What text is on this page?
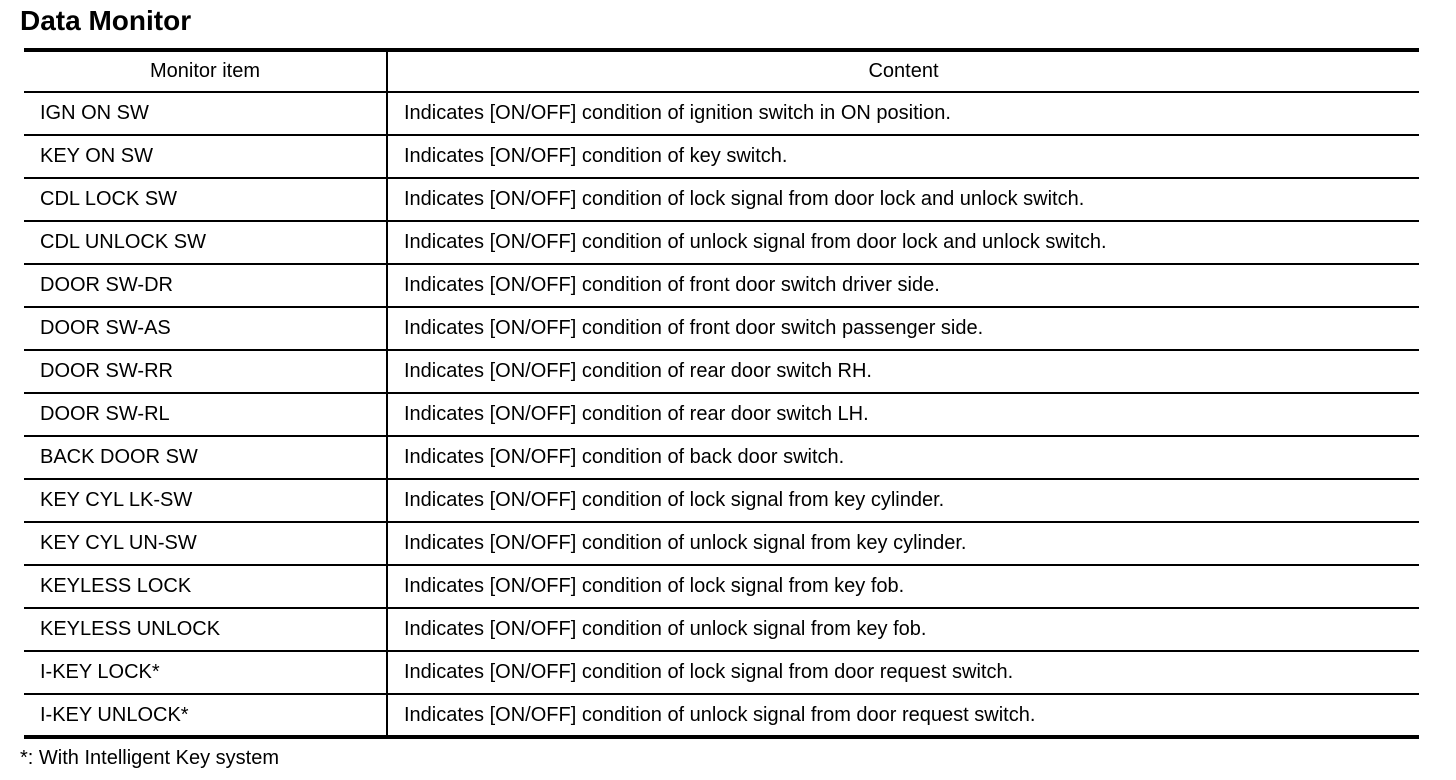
Data Monitor
Monitor item	Content
IGN ON SW	Indicates [ON/OFF] condition of ignition switch in ON position.
KEY ON SW	Indicates [ON/OFF] condition of key switch.
CDL LOCK SW	Indicates [ON/OFF] condition of lock signal from door lock and unlock switch.
CDL UNLOCK SW	Indicates [ON/OFF] condition of unlock signal from door lock and unlock switch.
DOOR SW-DR	Indicates [ON/OFF] condition of front door switch driver side.
DOOR SW-AS	Indicates [ON/OFF] condition of front door switch passenger side.
DOOR SW-RR	Indicates [ON/OFF] condition of rear door switch RH.
DOOR SW-RL	Indicates [ON/OFF] condition of rear door switch LH.
BACK DOOR SW	Indicates [ON/OFF] condition of back door switch.
KEY CYL LK-SW	Indicates [ON/OFF] condition of lock signal from key cylinder.
KEY CYL UN-SW	Indicates [ON/OFF] condition of unlock signal from key cylinder.
KEYLESS LOCK	Indicates [ON/OFF] condition of lock signal from key fob.
KEYLESS UNLOCK	Indicates [ON/OFF] condition of unlock signal from key fob.
I-KEY LOCK*	Indicates [ON/OFF] condition of lock signal from door request switch.
I-KEY UNLOCK*	Indicates [ON/OFF] condition of unlock signal from door request switch.
*: With Intelligent Key system
